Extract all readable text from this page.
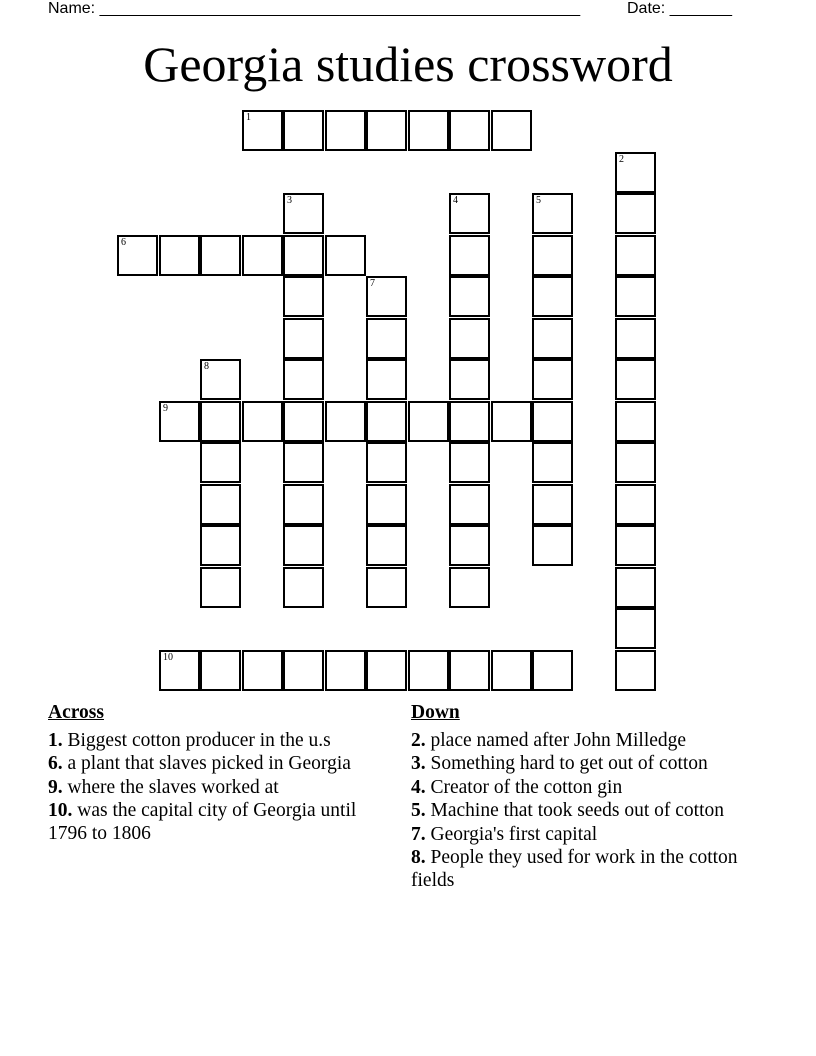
Name: ______________________________________________________	Date: _______
Georgia studies crossword
1
2
3	4	5
6
7
8
9
10
Across
1. Biggest cotton producer in the u.s
6. a plant that slaves picked in Georgia
9. where the slaves worked at
10. was the capital city of Georgia until 1796 to 1806
Down
2. place named after John Milledge
3. Something hard to get out of cotton
4. Creator of the cotton gin
5. Machine that took seeds out of cotton
7. Georgia's first capital
8. People they used for work in the cotton fields
